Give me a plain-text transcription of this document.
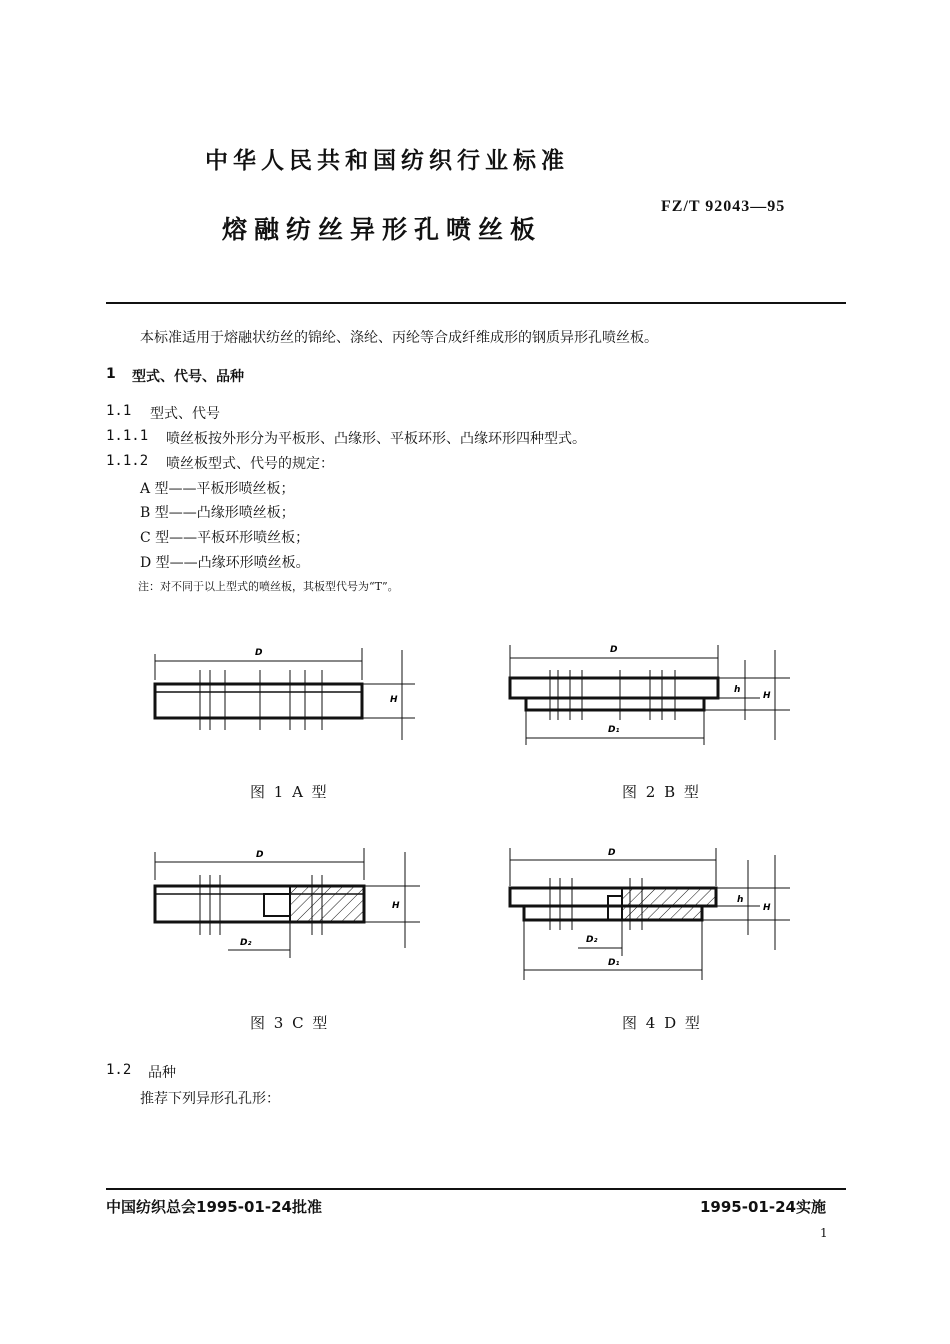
中华人民共和国纺织行业标准
熔融纺丝异形孔喷丝板
FZ/T 92043—95
本标准适用于熔融状纺丝的锦纶、涤纶、丙纶等合成纤维成形的钢质异形孔喷丝板。
1 型式、代号、品种
1.1 型式、代号
1.1.1 喷丝板按外形分为平板形、凸缘形、平板环形、凸缘环形四种型式。
1.1.2 喷丝板型式、代号的规定：
A 型——平板形喷丝板；
B 型——凸缘形喷丝板；
C 型——平板环形喷丝板；
D 型——凸缘环形喷丝板。
注：对不同于以上型式的喷丝板，其板型代号为“T”。
D
H
图 1 A 型
D
D₁
h
H
图 2 B 型
D
D₂
H
图 3 C 型
D
D₂
D₁
h
H
图 4 D 型
1.2 品种
推荐下列异形孔孔形：
中国纺织总会1995-01-24批准	1995-01-24实施
1
